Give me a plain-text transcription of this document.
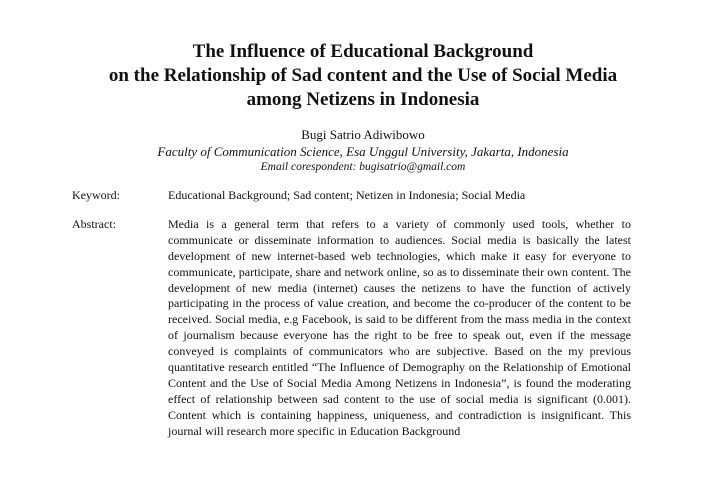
The Influence of Educational Background
on the Relationship of Sad content and the Use of Social Media
among Netizens in Indonesia
Bugi Satrio Adiwibowo
Faculty of Communication Science, Esa Unggul University, Jakarta, Indonesia
Email corespondent: bugisatrio@gmail.com
Keyword:	Educational Background; Sad content; Netizen in Indonesia; Social Media
Abstract:	Media is a general term that refers to a variety of commonly used tools, whether to
communicate or disseminate information to audiences. Social media is basically the latest
development of new internet-based web technologies, which make it easy for everyone to
communicate, participate, share and network online, so as to disseminate their own content. The
development of new media (internet) causes the netizens to have the function of actively
participating in the process of value creation, and become the co-producer of the content to be
received. Social media, e.g Facebook, is said to be different from the mass media in the context
of journalism because everyone has the right to be free to speak out, even if the message
conveyed is complaints of communicators who are subjective. Based on the my previous
quantitative research entitled “The Influence of Demography on the Relationship of Emotional
Content and the Use of Social Media Among Netizens in Indonesia”, is found the moderating
effect of relationship between sad content to the use of social media is significant (0.001).
Content which is containing happiness, uniqueness, and contradiction is insignificant. This
journal will research more specific in Education Background
